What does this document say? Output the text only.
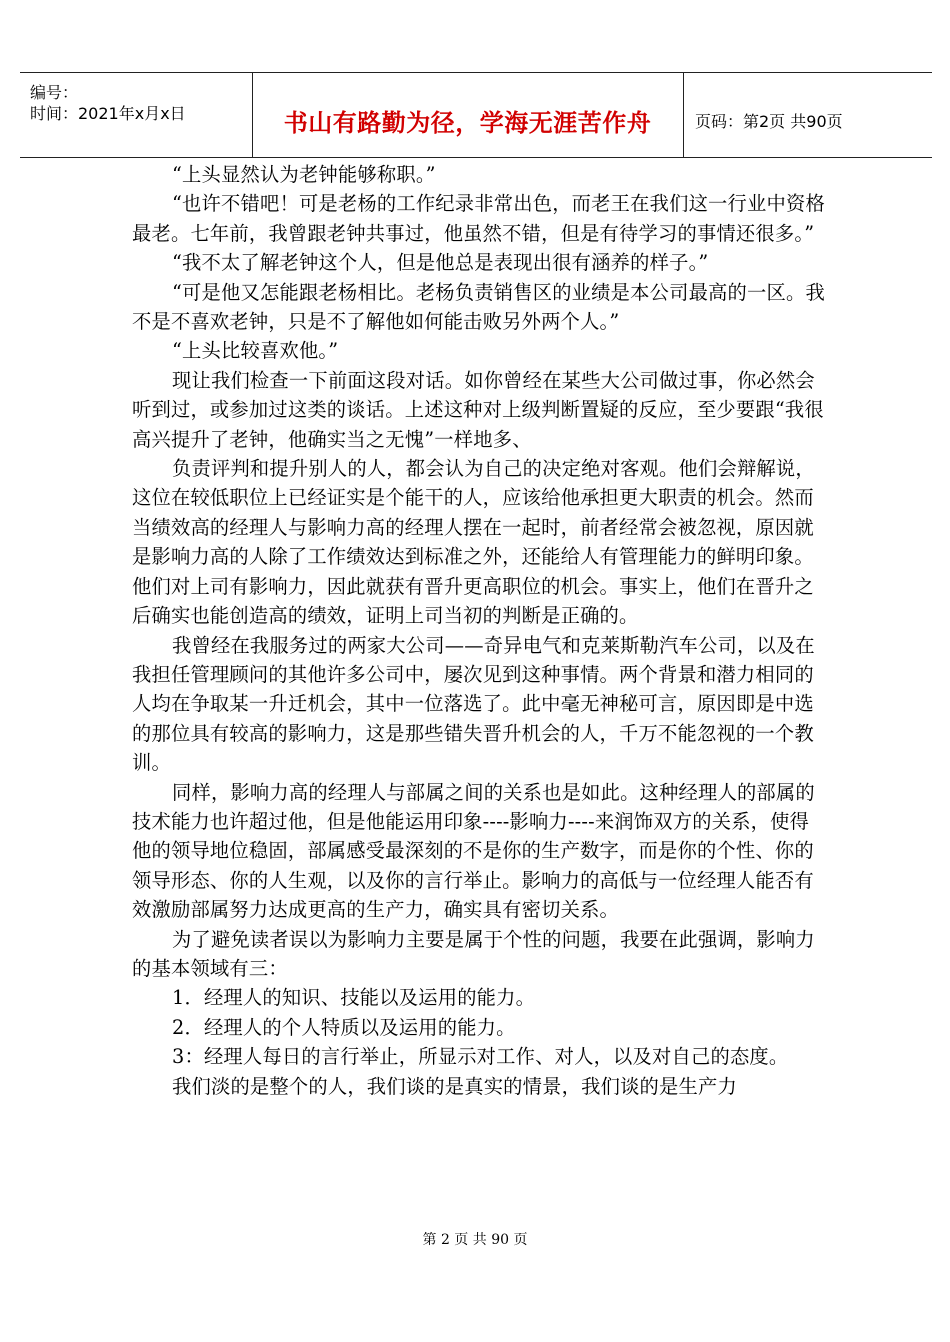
编号：
时间：2021年x月x日	书山有路勤为径，学海无涯苦作舟	页码：第2页 共90页

“上头显然认为老钟能够称职。”

“也许不错吧！可是老杨的工作纪录非常出色，而老王在我们这一行业中资格最老。七年前，我曾跟老钟共事过，他虽然不错，但是有待学习的事情还很多。”

“我不太了解老钟这个人，但是他总是表现出很有涵养的样子。”

“可是他又怎能跟老杨相比。老杨负责销售区的业绩是本公司最高的一区。我不是不喜欢老钟，只是不了解他如何能击败另外两个人。”

“上头比较喜欢他。”

现让我们检查一下前面这段对话。如你曾经在某些大公司做过事，你必然会听到过，或参加过这类的谈话。上述这种对上级判断置疑的反应，至少要跟“我很高兴提升了老钟，他确实当之无愧”一样地多、

负责评判和提升别人的人，都会认为自己的决定绝对客观。他们会辩解说，这位在较低职位上已经证实是个能干的人，应该给他承担更大职责的机会。然而当绩效高的经理人与影响力高的经理人摆在一起时，前者经常会被忽视，原因就是影响力高的人除了工作绩效达到标准之外，还能给人有管理能力的鲜明印象。他们对上司有影响力，因此就获有晋升更高职位的机会。事实上，他们在晋升之后确实也能创造高的绩效，证明上司当初的判断是正确的。

我曾经在我服务过的两家大公司——奇异电气和克莱斯勒汽车公司，以及在我担任管理顾问的其他许多公司中，屡次见到这种事情。两个背景和潜力相同的人均在争取某一升迁机会，其中一位落选了。此中毫无神秘可言，原因即是中选的那位具有较高的影响力，这是那些错失晋升机会的人，千万不能忽视的一个教训。

同样，影响力高的经理人与部属之间的关系也是如此。这种经理人的部属的技术能力也许超过他，但是他能运用印象----影响力----来润饰双方的关系，使得他的领导地位稳固，部属感受最深刻的不是你的生产数字，而是你的个性、你的领导形态、你的人生观，以及你的言行举止。影响力的高低与一位经理人能否有效激励部属努力达成更高的生产力，确实具有密切关系。

为了避免读者误以为影响力主要是属于个性的问题，我要在此强调，影响力的基本领域有三：

1．经理人的知识、技能以及运用的能力。

2．经理人的个人特质以及运用的能力。

3：经理人每日的言行举止，所显示对工作、对人，以及对自己的态度。

我们淡的是整个的人，我们谈的是真实的情景，我们谈的是生产力

第 2 页 共 90 页
